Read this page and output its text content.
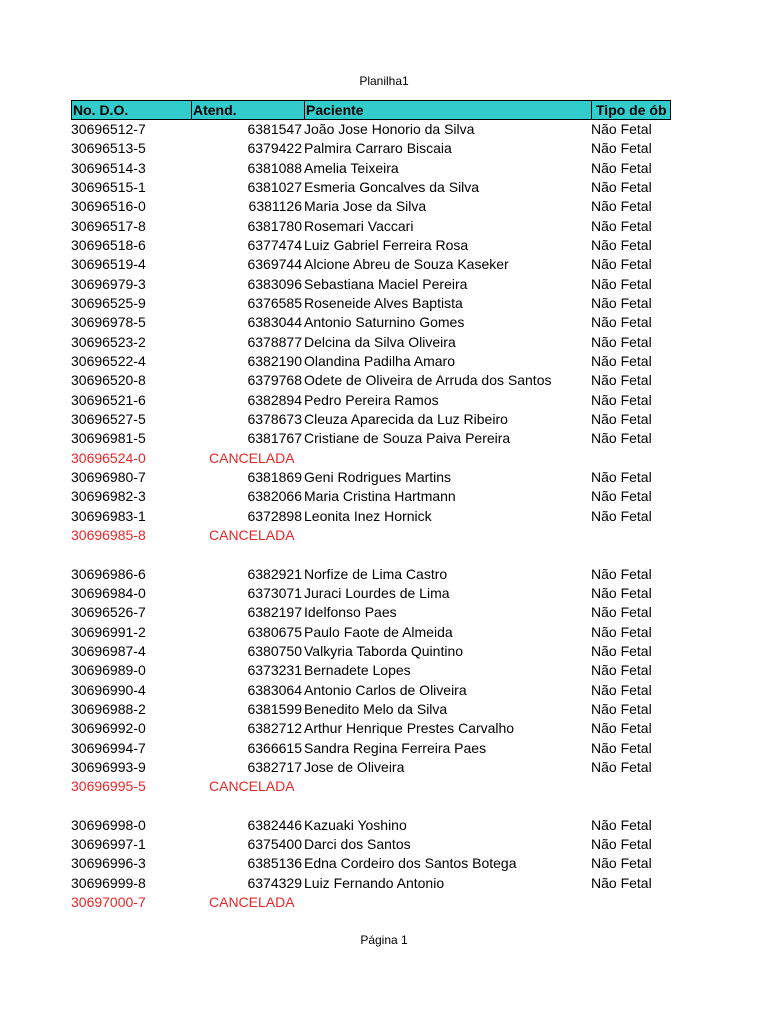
Planilha1
No. D.O.	Atend.	Paciente	Tipo de ób
30696512-7	6381547 João Jose Honorio da Silva	Não Fetal
30696513-5	6379422 Palmira Carraro Biscaia	Não Fetal
30696514-3	6381088 Amelia Teixeira	Não Fetal
30696515-1	6381027 Esmeria Goncalves da Silva	Não Fetal
30696516-0	6381126 Maria Jose da Silva	Não Fetal
30696517-8	6381780 Rosemari Vaccari	Não Fetal
30696518-6	6377474 Luiz Gabriel Ferreira Rosa	Não Fetal
30696519-4	6369744 Alcione Abreu de Souza Kaseker	Não Fetal
30696979-3	6383096 Sebastiana Maciel Pereira	Não Fetal
30696525-9	6376585 Roseneide Alves Baptista	Não Fetal
30696978-5	6383044 Antonio Saturnino Gomes	Não Fetal
30696523-2	6378877 Delcina da Silva Oliveira	Não Fetal
30696522-4	6382190 Olandina Padilha Amaro	Não Fetal
30696520-8	6379768 Odete de Oliveira de Arruda dos Santos	Não Fetal
30696521-6	6382894 Pedro Pereira Ramos	Não Fetal
30696527-5	6378673 Cleuza Aparecida da Luz Ribeiro	Não Fetal
30696981-5	6381767 Cristiane de Souza Paiva Pereira	Não Fetal
30696524-0	CANCELADA
30696980-7	6381869 Geni Rodrigues Martins	Não Fetal
30696982-3	6382066 Maria Cristina Hartmann	Não Fetal
30696983-1	6372898 Leonita Inez Hornick	Não Fetal
30696985-8	CANCELADA
30696986-6	6382921 Norfize de Lima Castro	Não Fetal
30696984-0	6373071 Juraci Lourdes de Lima	Não Fetal
30696526-7	6382197 Idelfonso Paes	Não Fetal
30696991-2	6380675 Paulo Faote de Almeida	Não Fetal
30696987-4	6380750 Valkyria Taborda Quintino	Não Fetal
30696989-0	6373231 Bernadete Lopes	Não Fetal
30696990-4	6383064 Antonio Carlos de Oliveira	Não Fetal
30696988-2	6381599 Benedito Melo da Silva	Não Fetal
30696992-0	6382712 Arthur Henrique Prestes Carvalho	Não Fetal
30696994-7	6366615 Sandra Regina Ferreira Paes	Não Fetal
30696993-9	6382717 Jose de Oliveira	Não Fetal
30696995-5	CANCELADA
30696998-0	6382446 Kazuaki Yoshino	Não Fetal
30696997-1	6375400 Darci dos Santos	Não Fetal
30696996-3	6385136 Edna Cordeiro dos Santos Botega	Não Fetal
30696999-8	6374329 Luiz Fernando Antonio	Não Fetal
30697000-7	CANCELADA
Página 1
